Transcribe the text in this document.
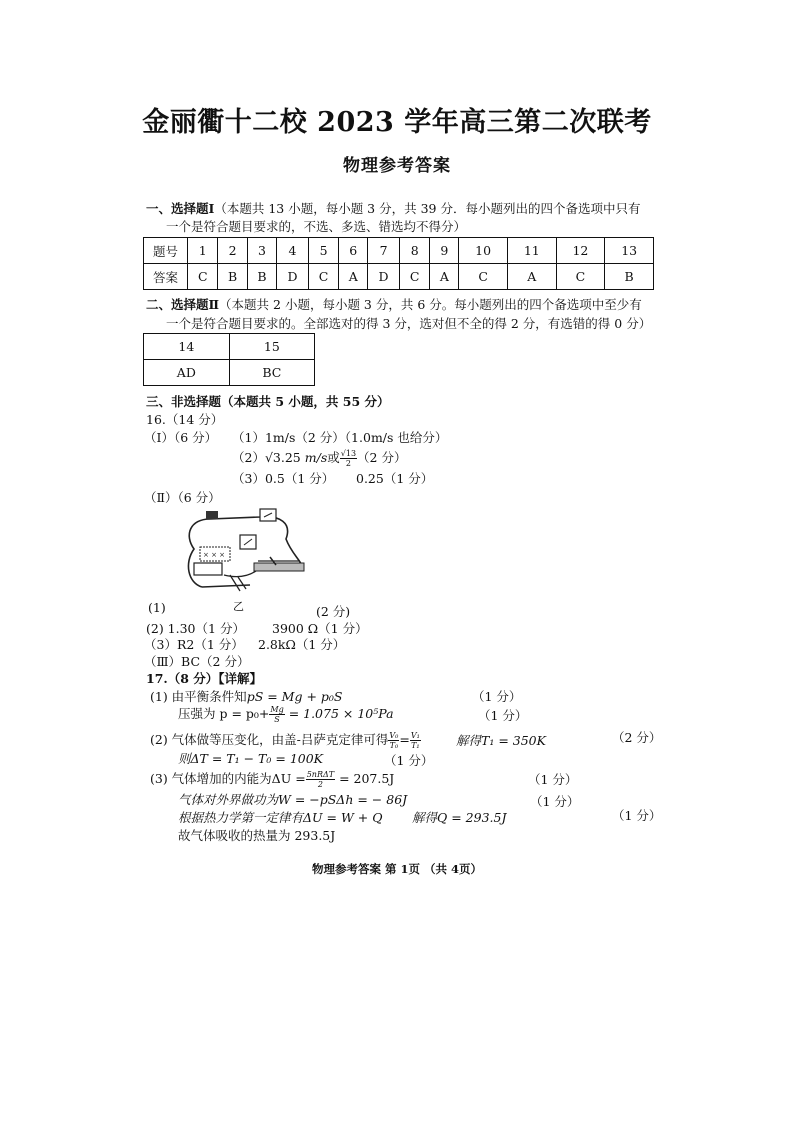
金丽衢十二校 2023 学年高三第二次联考
物理参考答案
一、选择题Ⅰ（本题共 13 小题，每小题 3 分，共 39 分．每小题列出的四个备选项中只有
一个是符合题目要求的，不选、多选、错选均不得分）
题号	1	2	3	4	5	6	7	8	9	10	11	12	13
答案	C	B	B	D	C	A	D	C	A	C	A	C	B
二、选择题Ⅱ（本题共 2 小题，每小题 3 分，共 6 分。每小题列出的四个备选项中至少有
一个是符合题目要求的。全部选对的得 3 分，选对但不全的得 2 分，有选错的得 0 分）
14	15
AD	BC
三、非选择题（本题共 5 小题，共 55 分）
16.（14 分）
（Ⅰ）（6 分） （1）1m/s（2 分）（1.0m/s 也给分）
（2）√3.25 m/s或 $\frac{√13}{2} (2$ 分）
（3）0.5（1 分） 0.25（1 分）
（Ⅱ）（6 分）
× × ×
(1)	乙	(2 分)
(2) 1.30（1 分） 3900 Ω（1 分）
（3）R2（1 分） 2.8kΩ（1 分）
（Ⅲ）BC（2 分）
17.（8 分）【详解】
(1) 由平衡条件知pS = Mg + p₀S	（1 分）
压强为 $p = p_0+ \frac{Mg}{S} = 1.075 \times 10^5Pa$	（1 分）
(2) 气体做等压变化，由盖-吕萨克定律可得 $\frac{\text{V₀}}{\text{T₀}} = \frac{\text{V₁}}{\text{T₁}}$	解得T₁ = 350K	（2 分）
则ΔT = T₁ − T₀ = 100K	（1 分）
(3) 气体增加的内能为$\Delta U = \frac{\text{5nRΔT}}{2} = 207.5J$	（1 分）
气体对外界做功为W = −pSΔh = − 86J	（1 分）
根据热力学第一定律有ΔU = W + Q 解得Q = 293.5J	（1 分）
故气体吸收的热量为 293.5J
物理参考答案 第 1页 （共 4页）
